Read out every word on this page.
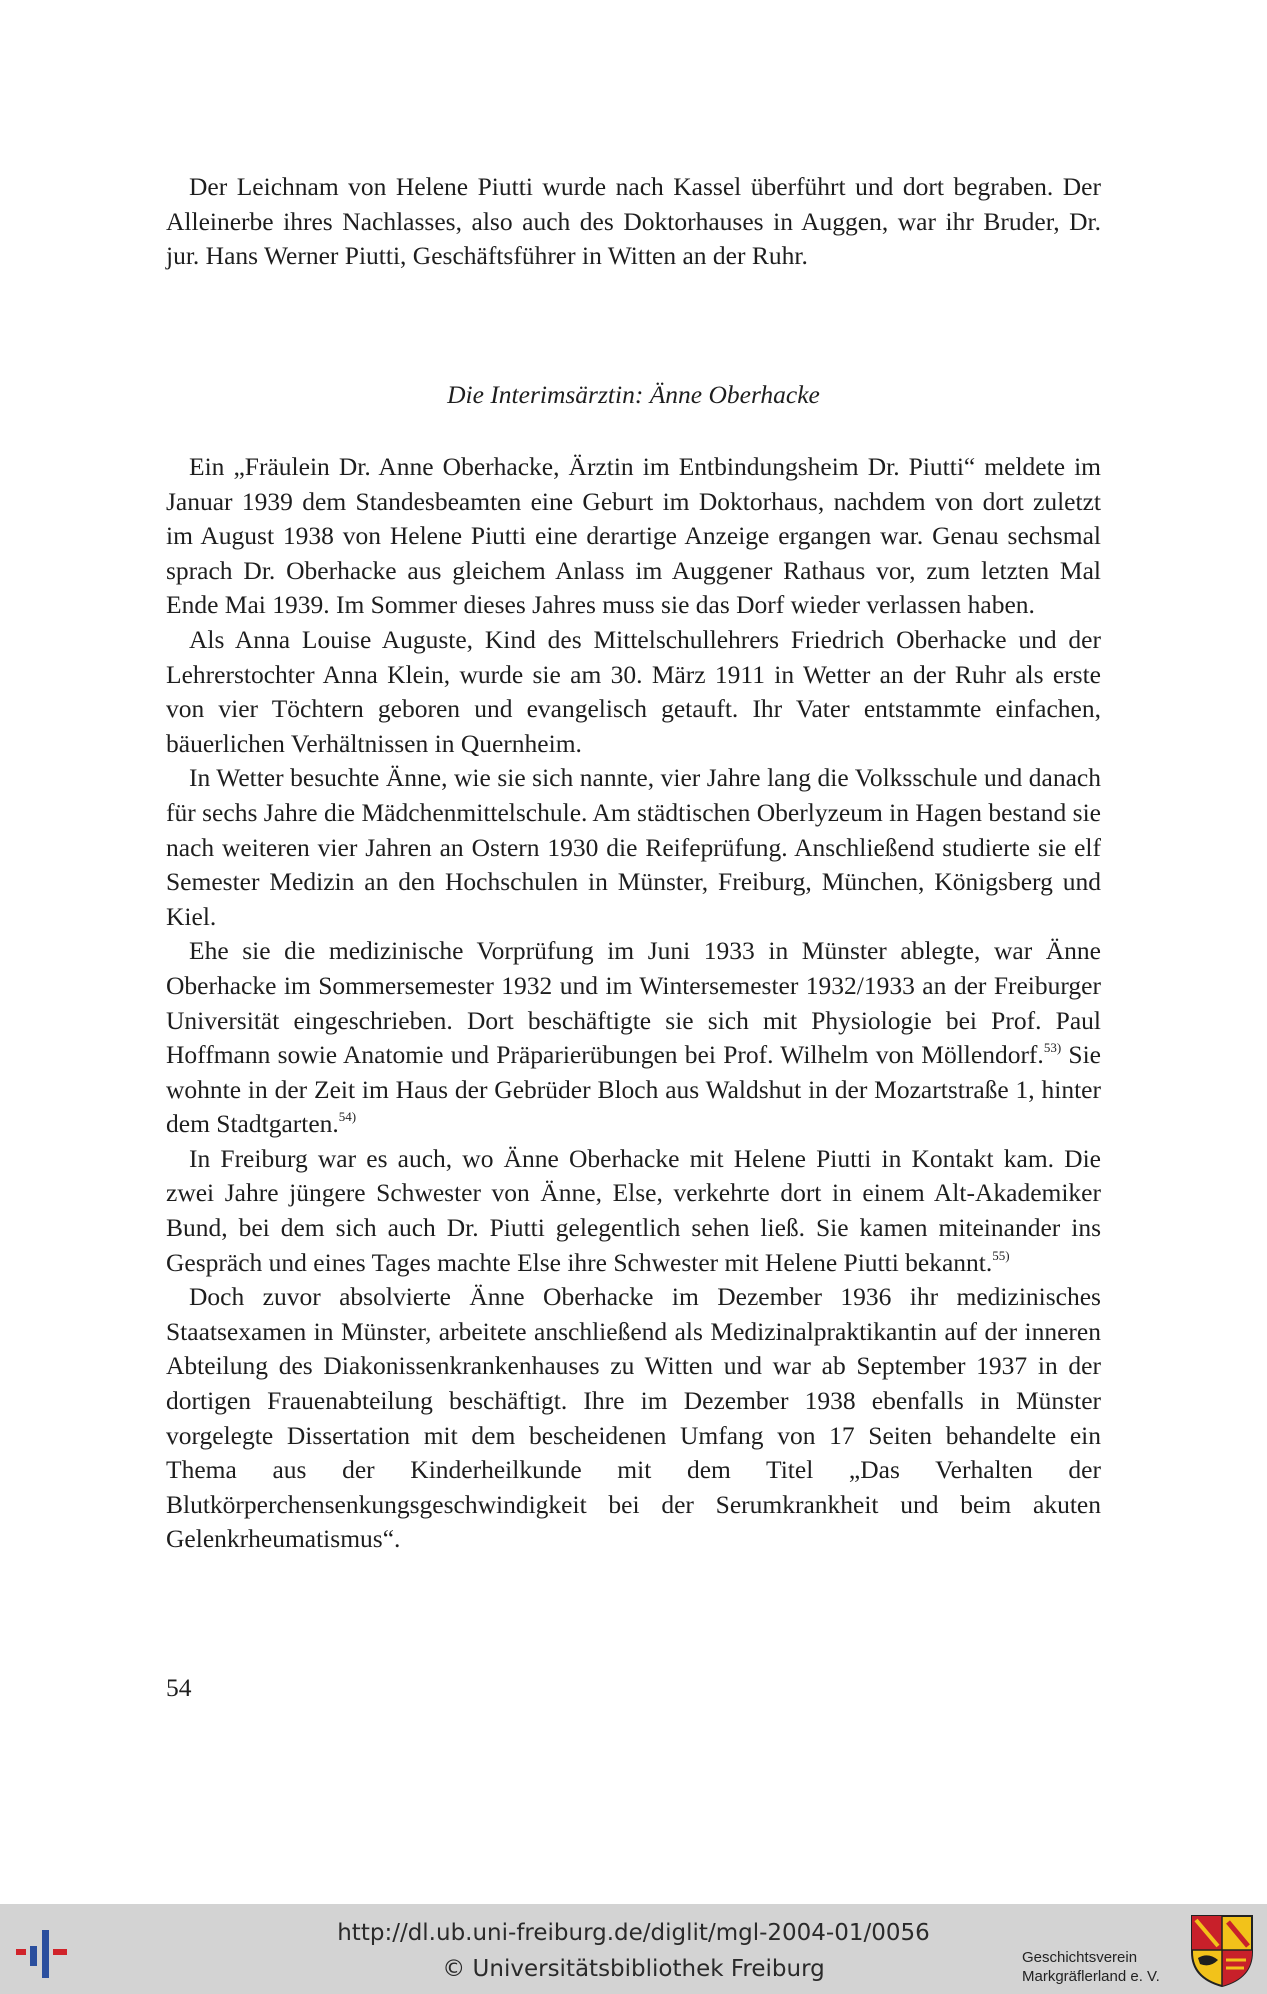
Der Leichnam von Helene Piutti wurde nach Kassel überführt und dort begraben. Der Alleinerbe ihres Nachlasses, also auch des Doktorhauses in Auggen, war ihr Bruder, Dr. jur. Hans Werner Piutti, Geschäftsführer in Witten an der Ruhr.

Die Interimsärztin: Änne Oberhacke

Ein „Fräulein Dr. Anne Oberhacke, Ärztin im Entbindungsheim Dr. Piutti“ meldete im Januar 1939 dem Standesbeamten eine Geburt im Doktorhaus, nachdem von dort zuletzt im August 1938 von Helene Piutti eine derartige Anzeige ergangen war. Genau sechsmal sprach Dr. Oberhacke aus gleichem Anlass im Auggener Rathaus vor, zum letzten Mal Ende Mai 1939. Im Sommer dieses Jahres muss sie das Dorf wieder verlassen haben.

Als Anna Louise Auguste, Kind des Mittelschullehrers Friedrich Oberhacke und der Lehrerstochter Anna Klein, wurde sie am 30. März 1911 in Wetter an der Ruhr als erste von vier Töchtern geboren und evangelisch getauft. Ihr Vater entstammte einfachen, bäuerlichen Verhältnissen in Quernheim.

In Wetter besuchte Änne, wie sie sich nannte, vier Jahre lang die Volksschule und danach für sechs Jahre die Mädchenmittelschule. Am städtischen Oberlyzeum in Hagen bestand sie nach weiteren vier Jahren an Ostern 1930 die Reifeprüfung. Anschließend studierte sie elf Semester Medizin an den Hochschulen in Münster, Freiburg, München, Königsberg und Kiel.

Ehe sie die medizinische Vorprüfung im Juni 1933 in Münster ablegte, war Änne Oberhacke im Sommersemester 1932 und im Wintersemester 1932/1933 an der Freiburger Universität eingeschrieben. Dort beschäftigte sie sich mit Physiologie bei Prof. Paul Hoffmann sowie Anatomie und Präparierübungen bei Prof. Wilhelm von Möllendorf.$^{53)}$ Sie wohnte in der Zeit im Haus der Gebrüder Bloch aus Waldshut in der Mozartstraße 1, hinter dem Stadtgarten.$^{54)}$

In Freiburg war es auch, wo Änne Oberhacke mit Helene Piutti in Kontakt kam. Die zwei Jahre jüngere Schwester von Änne, Else, verkehrte dort in einem Alt-Akademiker Bund, bei dem sich auch Dr. Piutti gelegentlich sehen ließ. Sie kamen miteinander ins Gespräch und eines Tages machte Else ihre Schwester mit Helene Piutti bekannt.$^{55)}$

Doch zuvor absolvierte Änne Oberhacke im Dezember 1936 ihr medizinisches Staatsexamen in Münster, arbeitete anschließend als Medizinalpraktikantin auf der inneren Abteilung des Diakonissenkrankenhauses zu Witten und war ab September 1937 in der dortigen Frauenabteilung beschäftigt. Ihre im Dezember 1938 ebenfalls in Münster vorgelegte Dissertation mit dem bescheidenen Umfang von 17 Seiten behandelte ein Thema aus der Kinderheilkunde mit dem Titel „Das Verhalten der Blutkörperchensenkungsgeschwindigkeit bei der Serumkrankheit und beim akuten Gelenkrheumatismus“.

54
http://dl.ub.uni-freiburg.de/diglit/mgl-2004-01/0056
© Universitätsbibliothek Freiburg	Geschichtsverein
Markgräflerland e. V.
